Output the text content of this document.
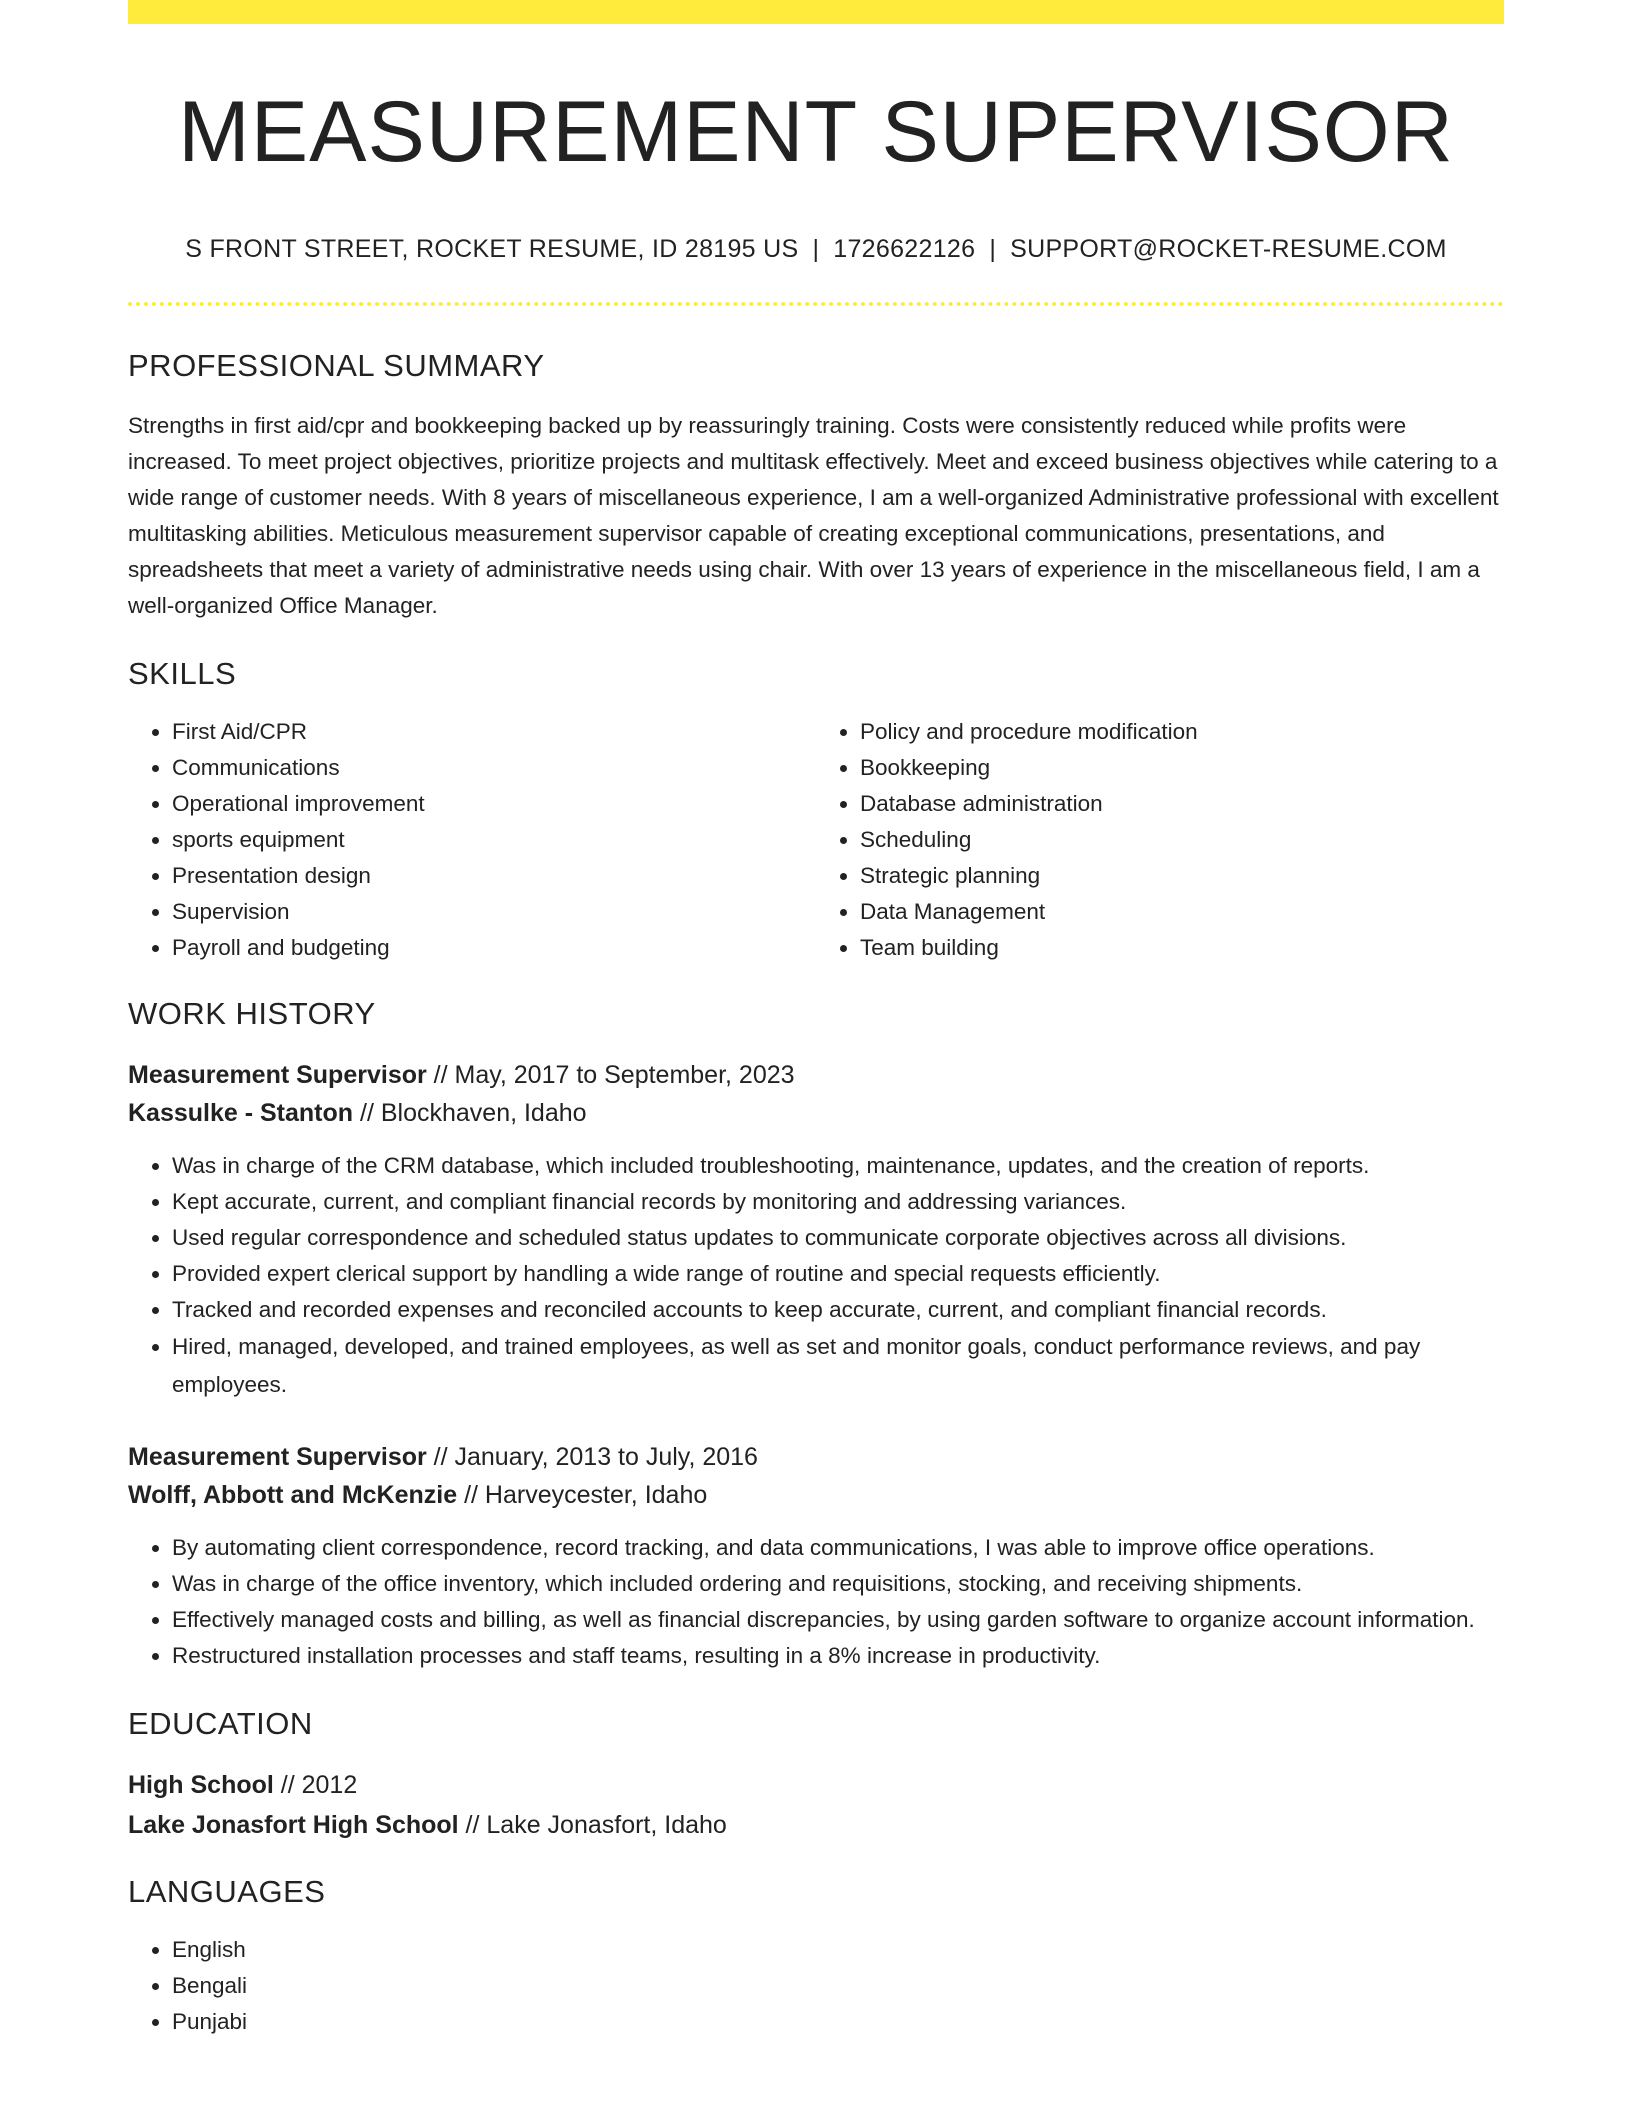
MEASUREMENT SUPERVISOR
S FRONT STREET, ROCKET RESUME, ID 28195 US | 1726622126 | SUPPORT@ROCKET-RESUME.COM
PROFESSIONAL SUMMARY

Strengths in first aid/cpr and bookkeeping backed up by reassuringly training. Costs were consistently reduced while profits were increased. To meet project objectives, prioritize projects and multitask effectively. Meet and exceed business objectives while catering to a wide range of customer needs. With 8 years of miscellaneous experience, I am a well-organized Administrative professional with excellent multitasking abilities. Meticulous measurement supervisor capable of creating exceptional communications, presentations, and spreadsheets that meet a variety of administrative needs using chair. With over 13 years of experience in the miscellaneous field, I am a well-organized Office Manager.

SKILLS
• First Aid/CPR
• Communications
• Operational improvement
• sports equipment
• Presentation design
• Supervision
• Payroll and budgeting
• Policy and procedure modification
• Bookkeeping
• Database administration
• Scheduling
• Strategic planning
• Data Management
• Team building
WORK HISTORY
Measurement Supervisor // May, 2017 to September, 2023
Kassulke - Stanton // Blockhaven, Idaho
• Was in charge of the CRM database, which included troubleshooting, maintenance, updates, and the creation of reports.
• Kept accurate, current, and compliant financial records by monitoring and addressing variances.
• Used regular correspondence and scheduled status updates to communicate corporate objectives across all divisions.
• Provided expert clerical support by handling a wide range of routine and special requests efficiently.
• Tracked and recorded expenses and reconciled accounts to keep accurate, current, and compliant financial records.
• Hired, managed, developed, and trained employees, as well as set and monitor goals, conduct performance reviews, and pay employees.
Measurement Supervisor // January, 2013 to July, 2016
Wolff, Abbott and McKenzie // Harveycester, Idaho
• By automating client correspondence, record tracking, and data communications, I was able to improve office operations.
• Was in charge of the office inventory, which included ordering and requisitions, stocking, and receiving shipments.
• Effectively managed costs and billing, as well as financial discrepancies, by using garden software to organize account information.
• Restructured installation processes and staff teams, resulting in a 8% increase in productivity.
EDUCATION
High School // 2012
Lake Jonasfort High School // Lake Jonasfort, Idaho
LANGUAGES
• English
• Bengali
• Punjabi
